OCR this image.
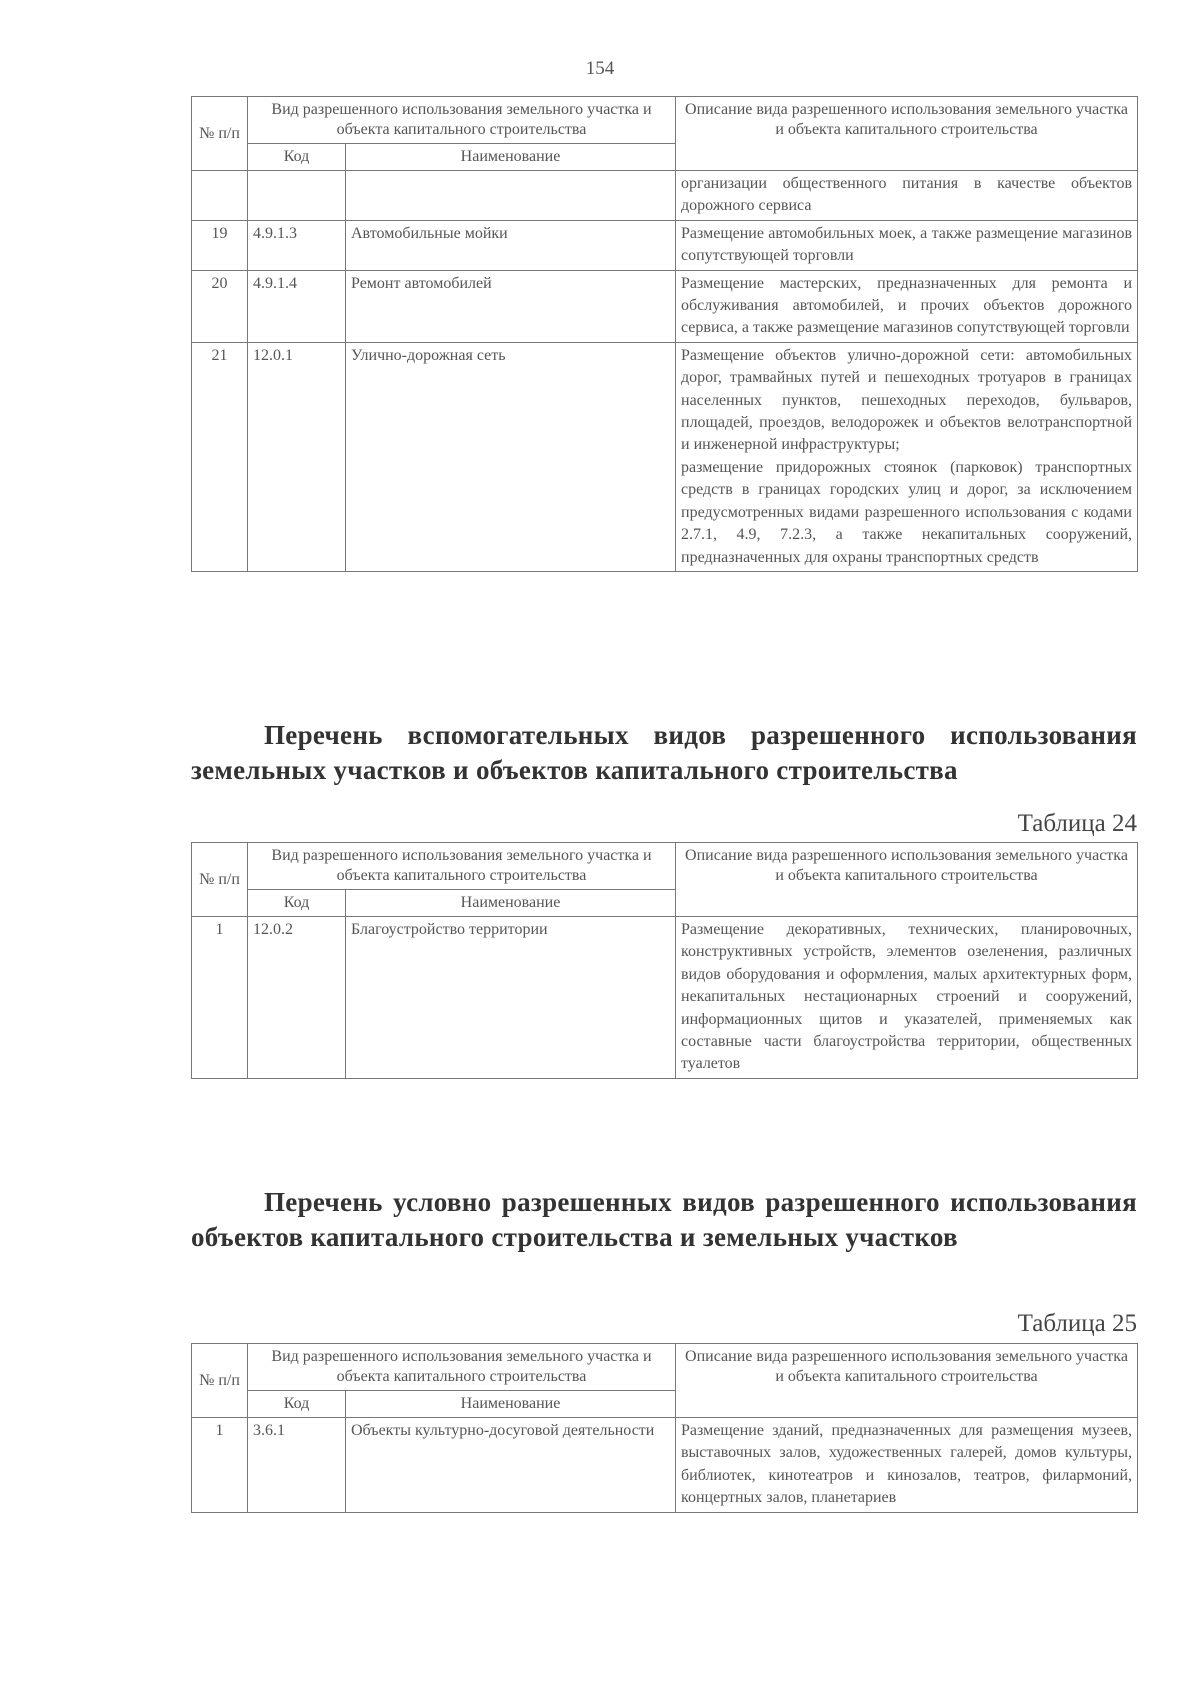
154
№ п/п	Вид разрешенного использования земельного участка и объекта капитального строительства		Описание вида разрешенного использования земельного участка и объекта капитального строительства
	Код	Наименование	
			организации общественного питания в качестве объектов дорожного сервиса
19	4.9.1.3	Автомобильные мойки	Размещение автомобильных моек, а также размещение магазинов сопутствующей торговли
20	4.9.1.4	Ремонт автомобилей	Размещение мастерских, предназначенных для ремонта и обслуживания автомобилей, и прочих объектов дорожного сервиса, а также размещение магазинов сопутствующей торговли
21	12.0.1	Улично-дорожная сеть	Размещение объектов улично-дорожной сети: автомобильных дорог, трамвайных путей и пешеходных тротуаров в границах населенных пунктов, пешеходных переходов, бульваров, площадей, проездов, велодорожек и объектов велотранспортной и инженерной инфраструктуры;
размещение придорожных стоянок (парковок) транспортных средств в границах городских улиц и дорог, за исключением предусмотренных видами разрешенного использования с кодами 2.7.1, 4.9, 7.2.3, а также некапитальных сооружений, предназначенных для охраны транспортных средств
Перечень вспомогательных видов разрешенного использования земельных участков и объектов капитального строительства
Таблица 24
№ п/п	Вид разрешенного использования земельного участка и объекта капитального строительства		Описание вида разрешенного использования земельного участка и объекта капитального строительства
	Код	Наименование	
1	12.0.2	Благоустройство территории	Размещение декоративных, технических, планировочных, конструктивных устройств, элементов озеленения, различных видов оборудования и оформления, малых архитектурных форм, некапитальных нестационарных строений и сооружений, информационных щитов и указателей, применяемых как составные части благоустройства территории, общественных туалетов
Перечень условно разрешенных видов разрешенного использования объектов капитального строительства и земельных участков
Таблица 25
№ п/п	Вид разрешенного использования земельного участка и объекта капитального строительства		Описание вида разрешенного использования земельного участка и объекта капитального строительства
	Код	Наименование	
1	3.6.1	Объекты культурно-досуговой деятельности	Размещение зданий, предназначенных для размещения музеев, выставочных залов, художественных галерей, домов культуры, библиотек, кинотеатров и кинозалов, театров, филармоний, концертных залов, планетариев
